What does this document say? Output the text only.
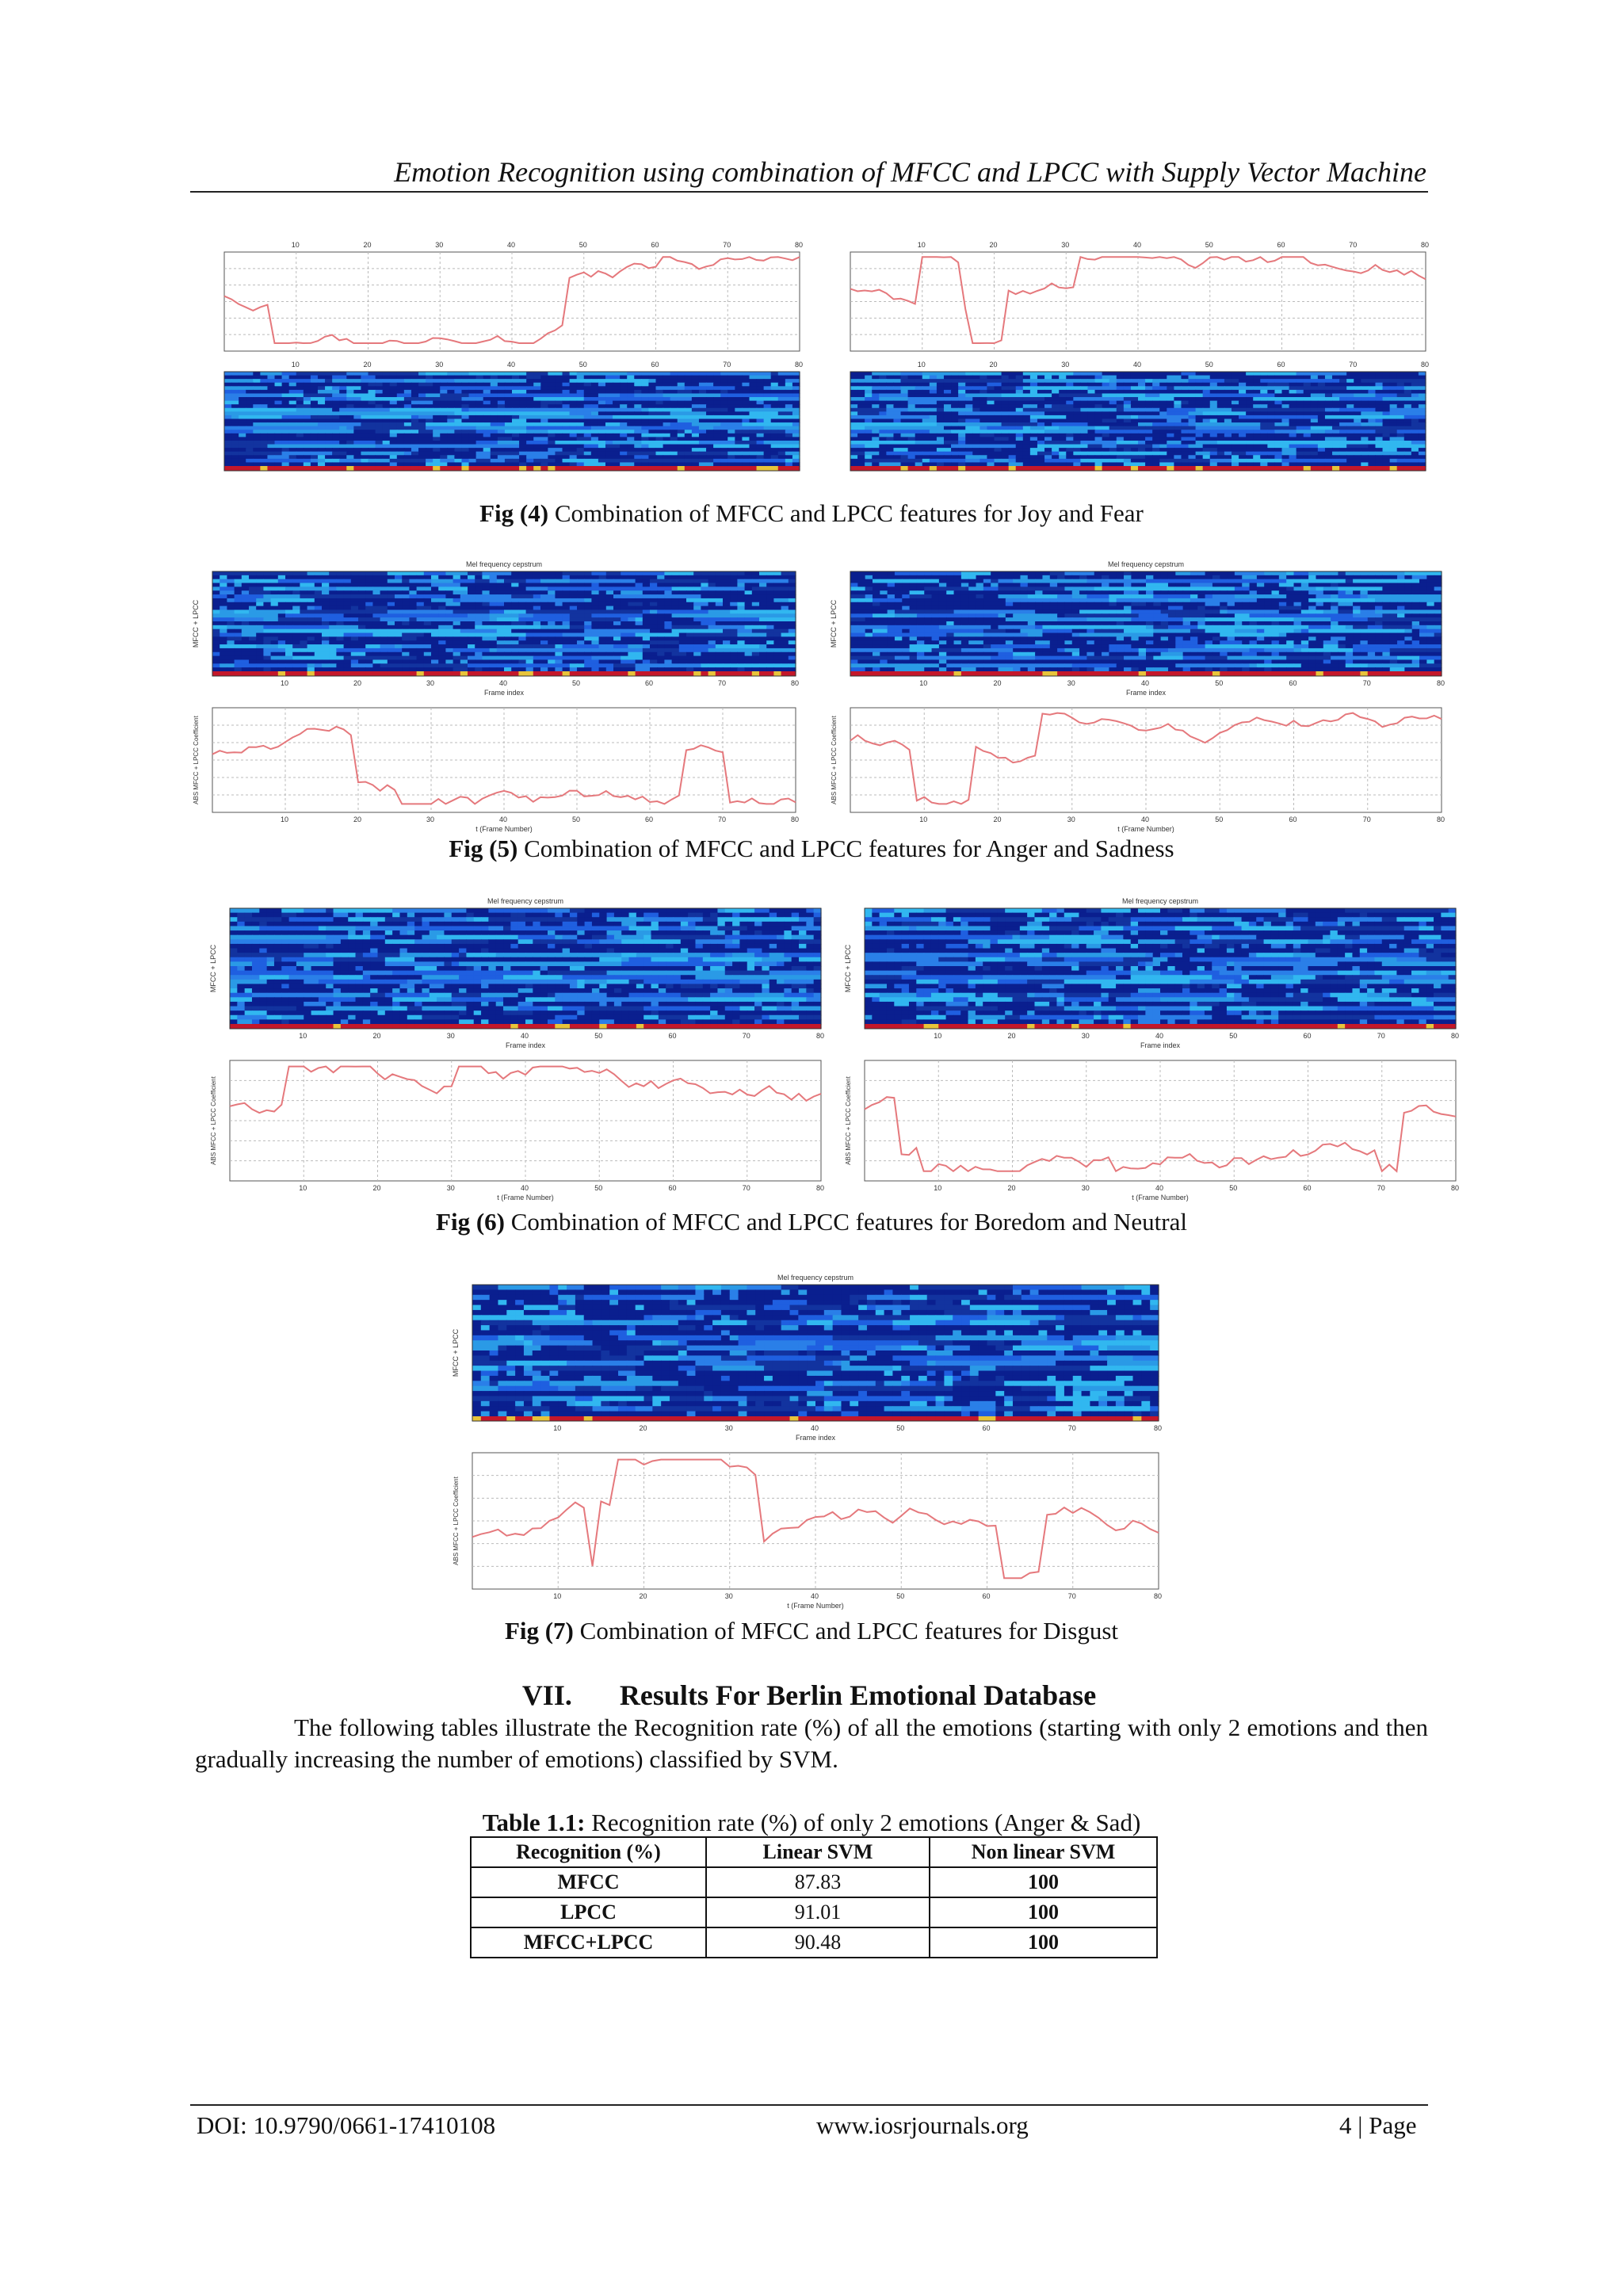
Emotion Recognition using combination of MFCC and LPCC with Supply Vector Machine
10	20	30	40	50	60	70	80
10	20	30	40	50	60	70	80
10	20	30	40	50	60	70	80
10	20	30	40	50	60	70	80
Fig (4) Combination of MFCC and LPCC features for Joy and Fear
Mel frequency cepstrum
MFCC + LPCC
10	20	30	40	50	60	70	80
Frame index
ABS MFCC + LPCC Coefficient
10	20	30	40	50	60	70	80
t (Frame Number)
Mel frequency cepstrum
MFCC + LPCC
10	20	30	40	50	60	70	80
Frame index
ABS MFCC + LPCC Coefficient
10	20	30	40	50	60	70	80
t (Frame Number)
Fig (5) Combination of MFCC and LPCC features for Anger and Sadness
Mel frequency cepstrum
MFCC + LPCC
10	20	30	40	50	60	70	80
Frame index
ABS MFCC + LPCC Coefficient
10	20	30	40	50	60	70	80
t (Frame Number)
Mel frequency cepstrum
MFCC + LPCC
10	20	30	40	50	60	70	80
Frame index
ABS MFCC + LPCC Coefficient
10	20	30	40	50	60	70	80
t (Frame Number)
Fig (6) Combination of MFCC and LPCC features for Boredom and Neutral
Mel frequency cepstrum
MFCC + LPCC
10	20	30	40	50	60	70	80
Frame index
ABS MFCC + LPCC Coefficient
10	20	30	40	50	60	70	80
t (Frame Number)
Fig (7) Combination of MFCC and LPCC features for Disgust
VII. Results For Berlin Emotional Database
The following tables illustrate the Recognition rate (%) of all the emotions (starting with only 2 emotions and then gradually increasing the number of emotions) classified by SVM.
Table 1.1: Recognition rate (%) of only 2 emotions (Anger & Sad)
Recognition (%)	Linear SVM	Non linear SVM
MFCC	87.83	100
LPCC	91.01	100
MFCC+LPCC	90.48	100
DOI: 10.9790/0661-17410108	www.iosrjournals.org	4 | Page
